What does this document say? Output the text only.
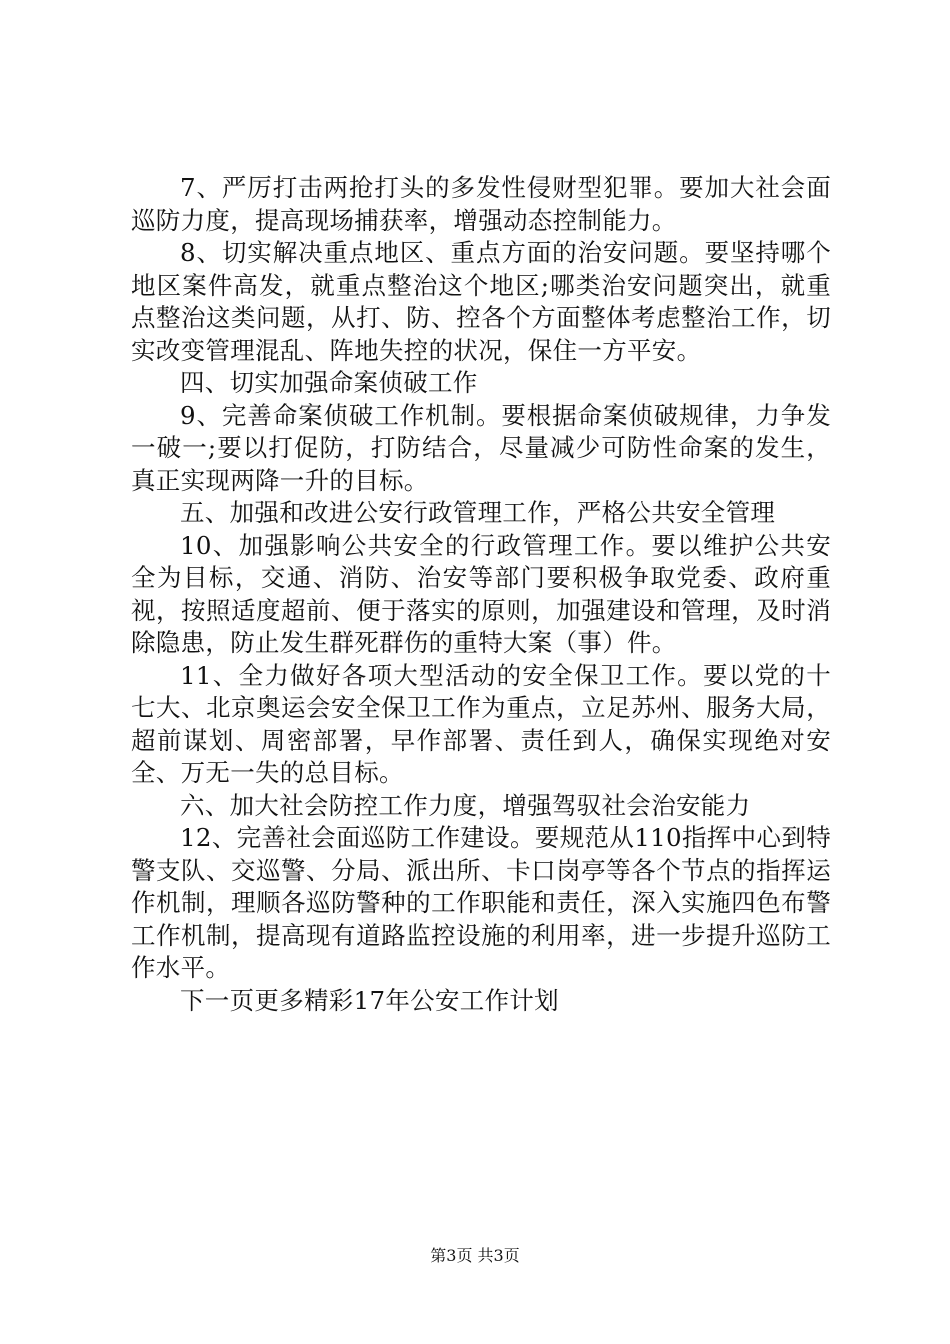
7、严厉打击两抢打头的多发性侵财型犯罪。要加大社会面巡防力度，提高现场捕获率，增强动态控制能力。

8、切实解决重点地区、重点方面的治安问题。要坚持哪个地区案件高发，就重点整治这个地区;哪类治安问题突出，就重点整治这类问题，从打、防、控各个方面整体考虑整治工作，切实改变管理混乱、阵地失控的状况，保住一方平安。

四、切实加强命案侦破工作

9、完善命案侦破工作机制。要根据命案侦破规律，力争发一破一;要以打促防，打防结合，尽量减少可防性命案的发生，真正实现两降一升的目标。

五、加强和改进公安行政管理工作，严格公共安全管理

10、加强影响公共安全的行政管理工作。要以维护公共安全为目标，交通、消防、治安等部门要积极争取党委、政府重视，按照适度超前、便于落实的原则，加强建设和管理，及时消除隐患，防止发生群死群伤的重特大案（事）件。

11、全力做好各项大型活动的安全保卫工作。要以党的十七大、北京奥运会安全保卫工作为重点，立足苏州、服务大局，超前谋划、周密部署，早作部署、责任到人，确保实现绝对安全、万无一失的总目标。

六、加大社会防控工作力度，增强驾驭社会治安能力

12、完善社会面巡防工作建设。要规范从110指挥中心到特警支队、交巡警、分局、派出所、卡口岗亭等各个节点的指挥运作机制，理顺各巡防警种的工作职能和责任，深入实施四色布警工作机制，提高现有道路监控设施的利用率，进一步提升巡防工作水平。

下一页更多精彩17年公安工作计划

第3页 共3页
